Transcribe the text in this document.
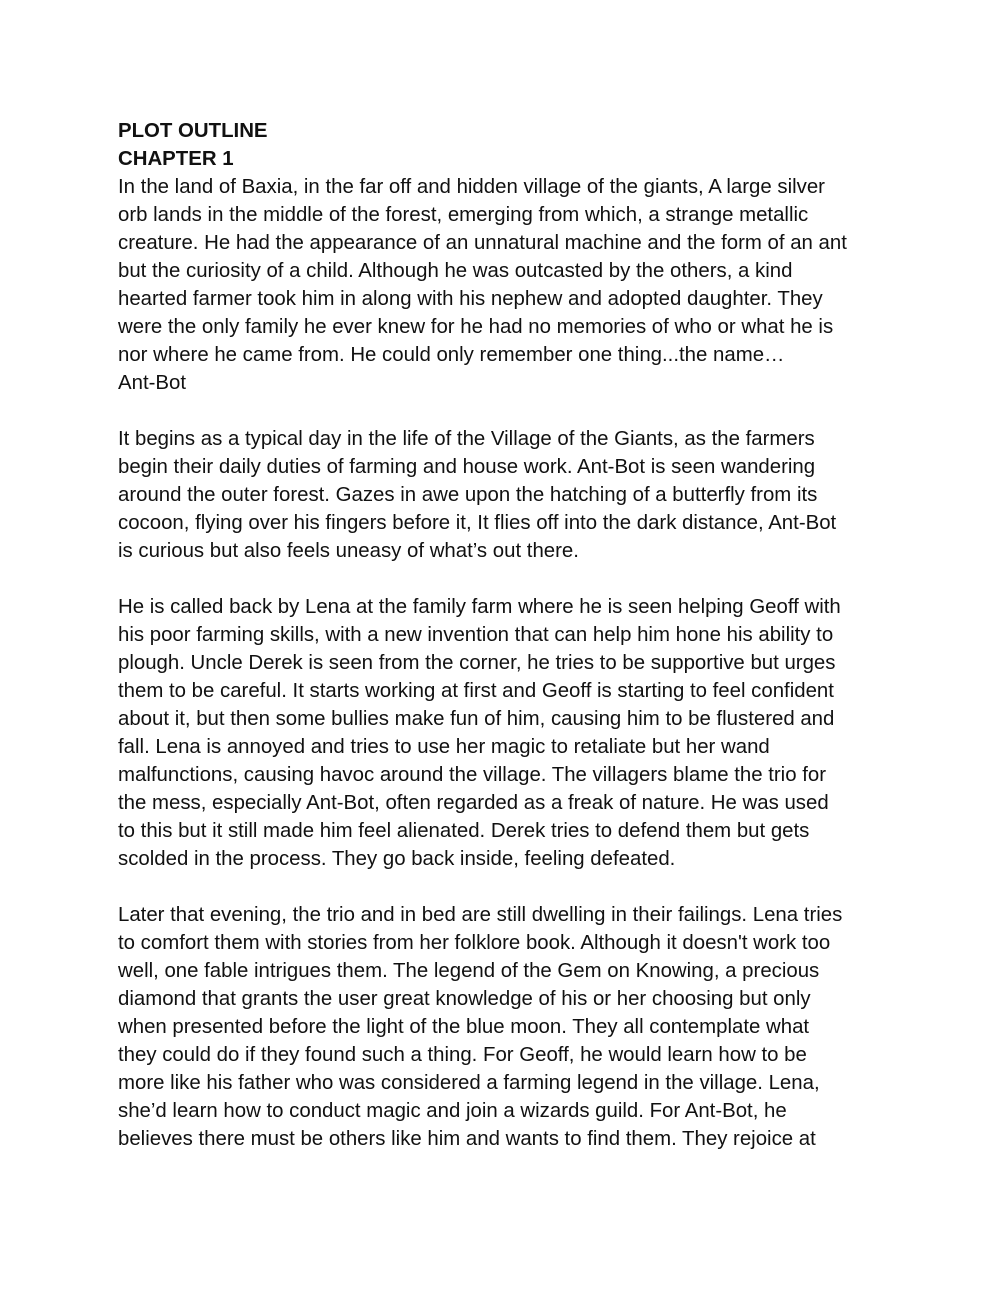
PLOT OUTLINE
CHAPTER 1
In the land of Baxia, in the far off and hidden village of the giants, A large silver
orb lands in the middle of the forest, emerging from which, a strange metallic
creature. He had the appearance of an unnatural machine and the form of an ant
but the curiosity of a child. Although he was outcasted by the others, a kind
hearted farmer took him in along with his nephew and adopted daughter. They
were the only family he ever knew for he had no memories of who or what he is
nor where he came from. He could only remember one thing...the name…
Ant-Bot
It begins as a typical day in the life of the Village of the Giants, as the farmers
begin their daily duties of farming and house work. Ant-Bot is seen wandering
around the outer forest. Gazes in awe upon the hatching of a butterfly from its
cocoon, flying over his fingers before it, It flies off into the dark distance, Ant-Bot
is curious but also feels uneasy of what’s out there.
He is called back by Lena at the family farm where he is seen helping Geoff with
his poor farming skills, with a new invention that can help him hone his ability to
plough. Uncle Derek is seen from the corner, he tries to be supportive but urges
them to be careful. It starts working at first and Geoff is starting to feel confident
about it, but then some bullies make fun of him, causing him to be flustered and
fall. Lena is annoyed and tries to use her magic to retaliate but her wand
malfunctions, causing havoc around the village. The villagers blame the trio for
the mess, especially Ant-Bot, often regarded as a freak of nature. He was used
to this but it still made him feel alienated. Derek tries to defend them but gets
scolded in the process. They go back inside, feeling defeated.
Later that evening, the trio and in bed are still dwelling in their failings. Lena tries
to comfort them with stories from her folklore book. Although it doesn't work too
well, one fable intrigues them. The legend of the Gem on Knowing, a precious
diamond that grants the user great knowledge of his or her choosing but only
when presented before the light of the blue moon. They all contemplate what
they could do if they found such a thing. For Geoff, he would learn how to be
more like his father who was considered a farming legend in the village. Lena,
she’d learn how to conduct magic and join a wizards guild. For Ant-Bot, he
believes there must be others like him and wants to find them. They rejoice at
